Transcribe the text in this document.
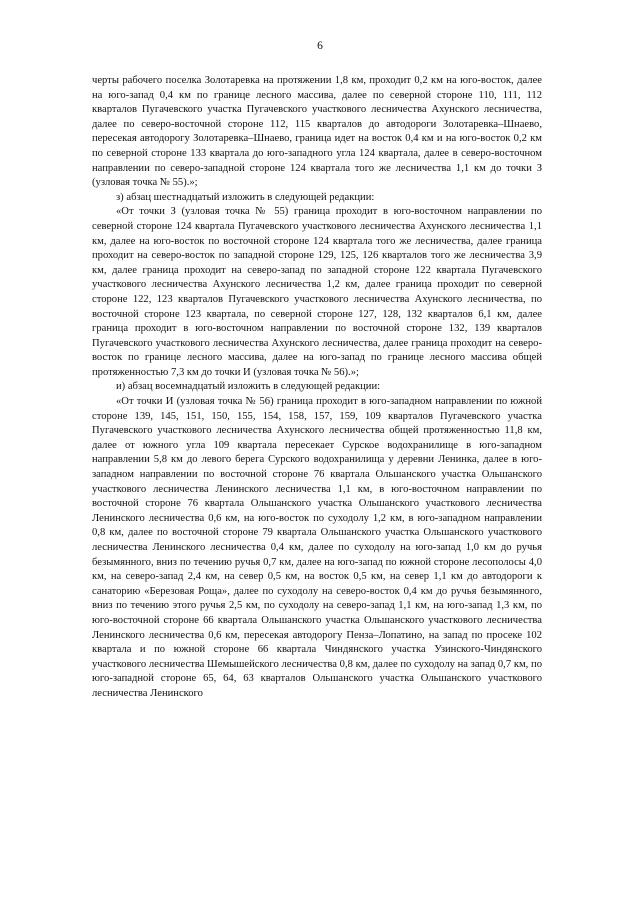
6

черты рабочего поселка Золотаревка на протяжении 1,8 км, проходит 0,2 км на юго-восток, далее на юго-запад 0,4 км по границе лесного массива, далее по северной стороне 110, 111, 112 кварталов Пугачевского участка Пугачевского участкового лесничества Ахунского лесничества, далее по северо-восточной стороне 112, 115 кварталов до автодороги Золотаревка–Шнаево, пересекая автодорогу Золотаревка–Шнаево, граница идет на восток 0,4 км и на юго-восток 0,2 км по северной стороне 133 квартала до юго-западного угла 124 квартала, далее в северо-восточном направлении по северо-западной стороне 124 квартала того же лесничества 1,1 км до точки З (узловая точка № 55).»;

з) абзац шестнадцатый изложить в следующей редакции:

«От точки З (узловая точка № 55) граница проходит в юго-восточном направлении по северной стороне 124 квартала Пугачевского участкового лесничества Ахунского лесничества 1,1 км, далее на юго-восток по восточной стороне 124 квартала того же лесничества, далее граница проходит на северо-восток по западной стороне 129, 125, 126 кварталов того же лесничества 3,9 км, далее граница проходит на северо-запад по западной стороне 122 квартала Пугачевского участкового лесничества Ахунского лесничества 1,2 км, далее граница проходит по северной стороне 122, 123 кварталов Пугачевского участкового лесничества Ахунского лесничества, по восточной стороне 123 квартала, по северной стороне 127, 128, 132 кварталов 6,1 км, далее граница проходит в юго-восточном направлении по восточной стороне 132, 139 кварталов Пугачевского участкового лесничества Ахунского лесничества, далее граница проходит на северо-восток по границе лесного массива, далее на юго-запад по границе лесного массива общей протяженностью 7,3 км до точки И (узловая точка № 56).»;

и) абзац восемнадцатый изложить в следующей редакции:

«От точки И (узловая точка № 56) граница проходит в юго-западном направлении по южной стороне 139, 145, 151, 150, 155, 154, 158, 157, 159, 109 кварталов Пугачевского участка Пугачевского участкового лесничества Ахунского лесничества общей протяженностью 11,8 км, далее от южного угла 109 квартала пересекает Сурское водохранилище в юго-западном направлении 5,8 км до левого берега Сурского водохранилища у деревни Ленинка, далее в юго-западном направлении по восточной стороне 76 квартала Ольшанского участка Ольшанского участкового лесничества Ленинского лесничества 1,1 км, в юго-восточном направлении по восточной стороне 76 квартала Ольшанского участка Ольшанского участкового лесничества Ленинского лесничества 0,6 км, на юго-восток по суходолу 1,2 км, в юго-западном направлении 0,8 км, далее по восточной стороне 79 квартала Ольшанского участка Ольшанского участкового лесничества Ленинского лесничества 0,4 км, далее по суходолу на юго-запад 1,0 км до ручья безымянного, вниз по течению ручья 0,7 км, далее на юго-запад по южной стороне лесополосы 4,0 км, на северо-запад 2,4 км, на север 0,5 км, на восток 0,5 км, на север 1,1 км до автодороги к санаторию «Березовая Роща», далее по суходолу на северо-восток 0,4 км до ручья безымянного, вниз по течению этого ручья 2,5 км, по суходолу на северо-запад 1,1 км, на юго-запад 1,3 км, по юго-восточной стороне 66 квартала Ольшанского участка Ольшанского участкового лесничества Ленинского лесничества 0,6 км, пересекая автодорогу Пенза–Лопатино, на запад по просеке 102 квартала и по южной стороне 66 квартала Чиндянского участка Узинского-Чиндянского участкового лесничества Шемышейского лесничества 0,8 км, далее по суходолу на запад 0,7 км, по юго-западной стороне 65, 64, 63 кварталов Ольшанского участка Ольшанского участкового лесничества Ленинского
